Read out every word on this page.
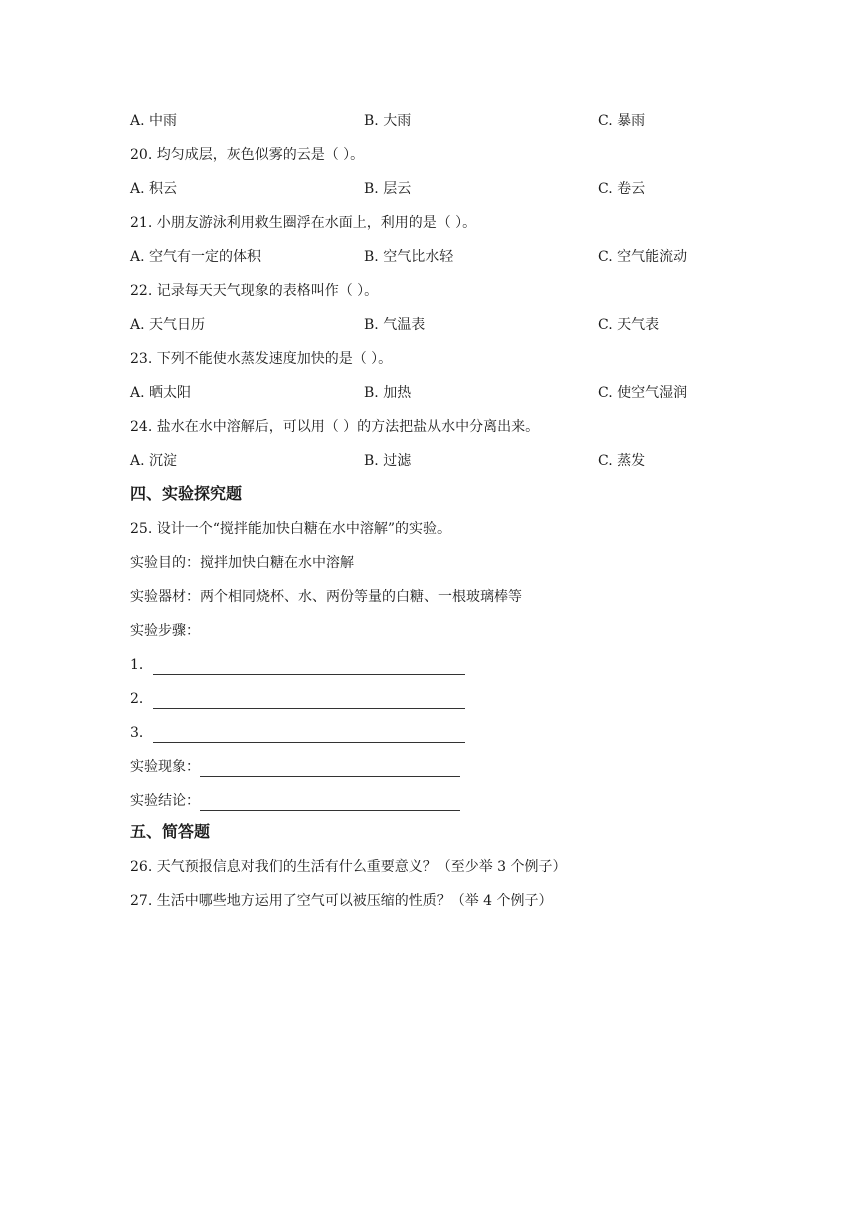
A. 中雨	B. 大雨	C. 暴雨
20. 均匀成层，灰色似雾的云是（ ）。
A. 积云	B. 层云	C. 卷云
21. 小朋友游泳利用救生圈浮在水面上，利用的是（ ）。
A. 空气有一定的体积	B. 空气比水轻	C. 空气能流动
22. 记录每天天气现象的表格叫作（ ）。
A. 天气日历	B. 气温表	C. 天气表
23. 下列不能使水蒸发速度加快的是（ ）。
A. 晒太阳	B. 加热	C. 使空气湿润
24. 盐水在水中溶解后，可以用（ ）的方法把盐从水中分离出来。
A. 沉淀	B. 过滤	C. 蒸发
四、实验探究题
25. 设计一个“搅拌能加快白糖在水中溶解”的实验。
实验目的：搅拌加快白糖在水中溶解
实验器材：两个相同烧杯、水、两份等量的白糖、一根玻璃棒等
实验步骤：
1．
2．
3．
实验现象：
实验结论：
五、简答题
26. 天气预报信息对我们的生活有什么重要意义？（至少举 3 个例子）
27. 生活中哪些地方运用了空气可以被压缩的性质？（举 4 个例子）
